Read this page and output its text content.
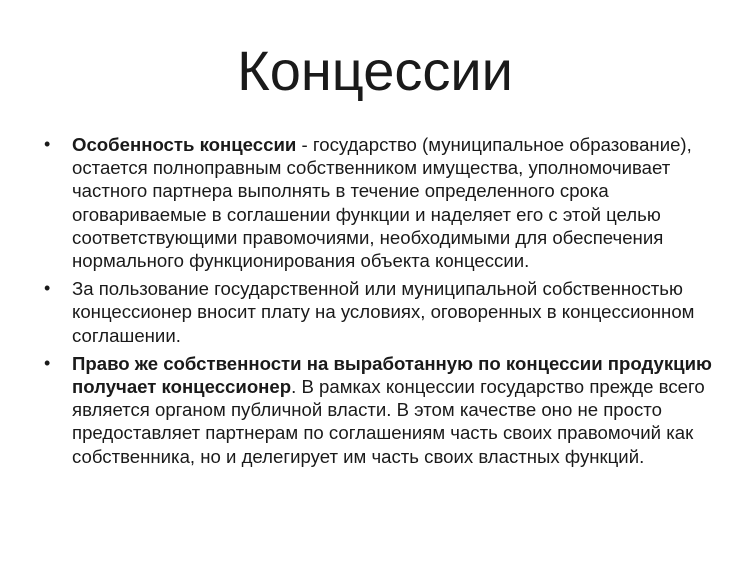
Концессии
• Особенность концессии - государство (муниципальное образование), остается полноправным собственником имущества, уполномочивает частного партнера выполнять в течение определенного срока оговариваемые в соглашении функции и наделяет его с этой целью соответствующими правомочиями, необходимыми для обеспечения нормального функционирования объекта концессии.
• За пользование государственной или муниципальной собственностью концессионер вносит плату на условиях, оговоренных в концессионном соглашении.
• Право же собственности на выработанную по концессии продукцию получает концессионер. В рамках концессии государство прежде всего является органом публичной власти. В этом качестве оно не просто предоставляет партнерам по соглашениям часть своих правомочий как собственника, но и делегирует им часть своих властных функций.
